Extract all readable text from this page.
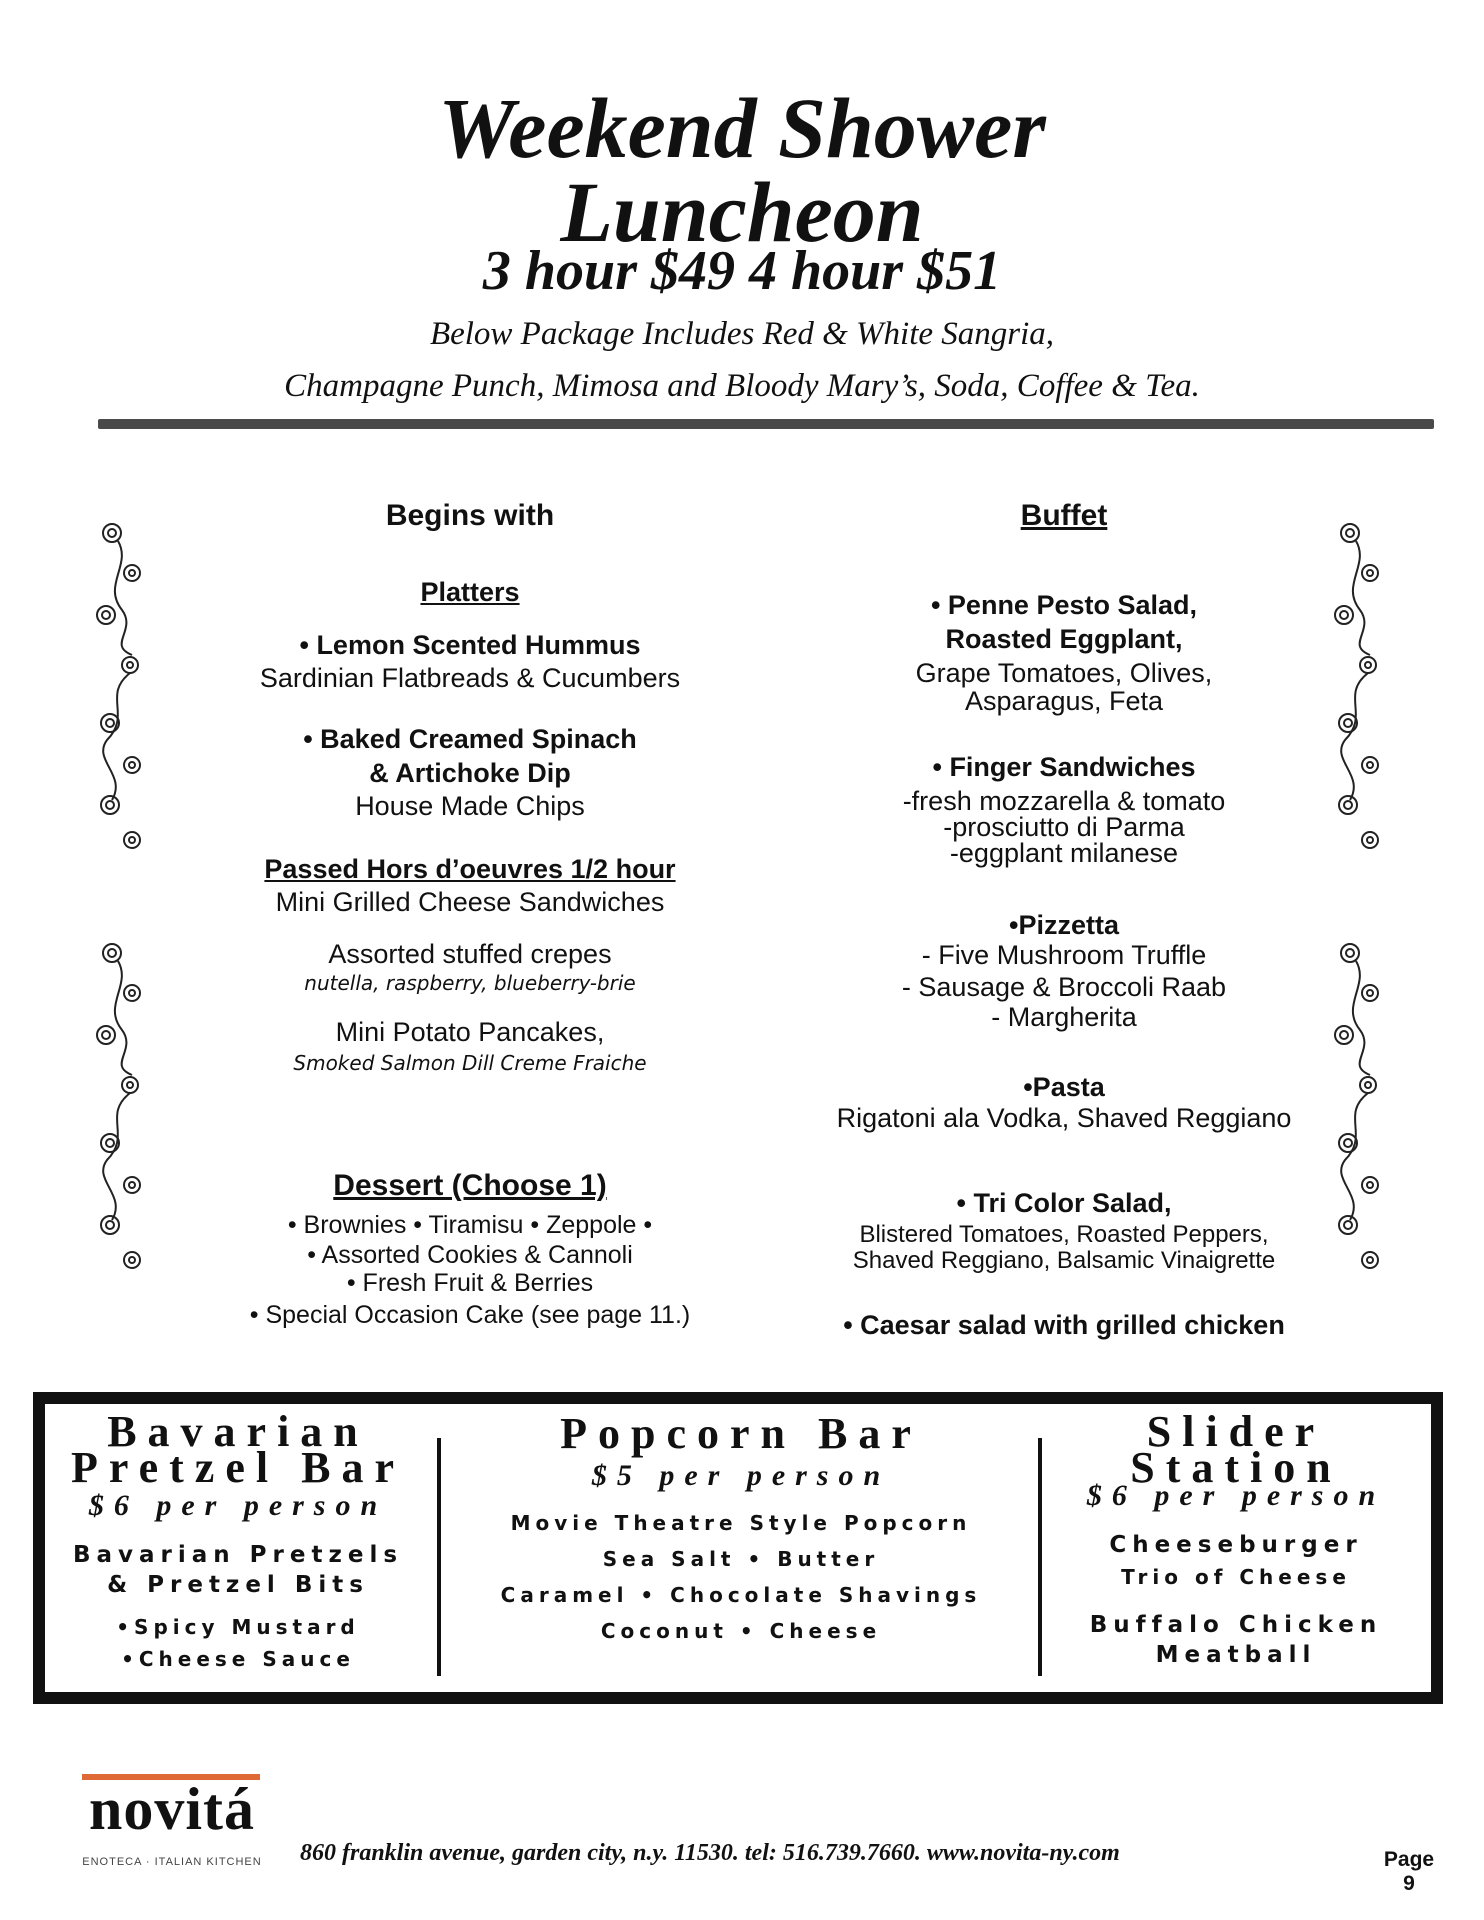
Weekend Shower
Luncheon
3 hour $49 4 hour $51
Below Package Includes Red & White Sangria,
Champagne Punch, Mimosa and Bloody Mary’s, Soda, Coffee & Tea.
Begins with
Platters
• Lemon Scented Hummus
Sardinian Flatbreads & Cucumbers
• Baked Creamed Spinach
& Artichoke Dip
House Made Chips
Passed Hors d’oeuvres 1/2 hour
Mini Grilled Cheese Sandwiches
Assorted stuffed crepes
nutella, raspberry, blueberry-brie
Mini Potato Pancakes,
Smoked Salmon Dill Creme Fraiche
Dessert (Choose 1)
• Brownies • Tiramisu • Zeppole •
• Assorted Cookies & Cannoli
• Fresh Fruit & Berries
• Special Occasion Cake (see page 11.)
Buffet
• Penne Pesto Salad,
Roasted Eggplant,
Grape Tomatoes, Olives,
Asparagus, Feta
• Finger Sandwiches
-fresh mozzarella & tomato
-prosciutto di Parma
-eggplant milanese
•Pizzetta
- Five Mushroom Truffle
- Sausage & Broccoli Raab
- Margherita
•Pasta
Rigatoni ala Vodka, Shaved Reggiano
• Tri Color Salad,
Blistered Tomatoes, Roasted Peppers,
Shaved Reggiano, Balsamic Vinaigrette
• Caesar salad with grilled chicken
Bavarian
Pretzel Bar
$6 per person
Bavarian Pretzels
& Pretzel Bits
•Spicy Mustard
•Cheese Sauce
Popcorn Bar
$5 per person
Movie Theatre Style Popcorn
Sea Salt • Butter
Caramel • Chocolate Shavings
Coconut • Cheese
Slider
Station
$6 per person
Cheeseburger
Trio of Cheese
Buffalo Chicken
Meatball
novitá
ENOTECA · ITALIAN KITCHEN	860 franklin avenue, garden city, n.y. 11530. tel: 516.739.7660. www.novita-ny.com	Page
9
